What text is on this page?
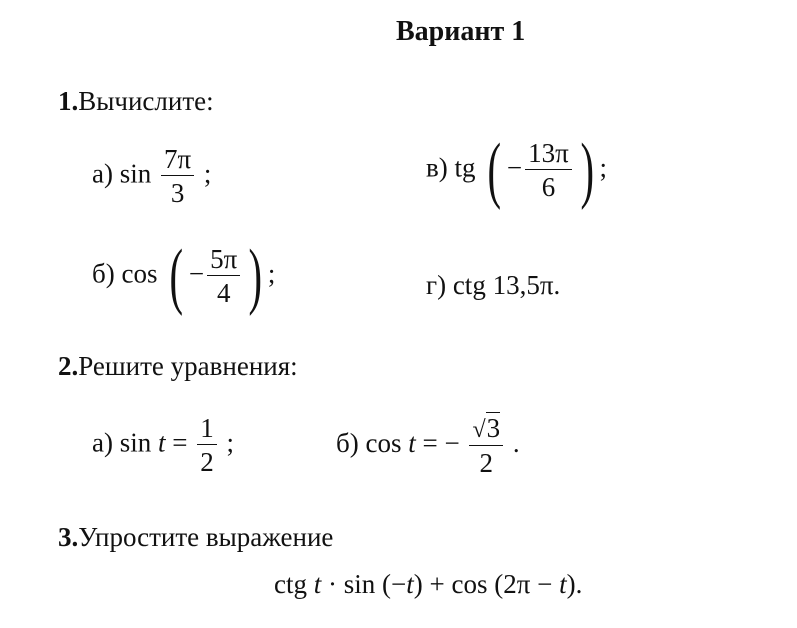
Вариант 1
1.Вычислите:
а) $\sin \frac{7\pi}{3}$ ;	в) tg ( − $\frac{13\pi}{6}$ ) ;
б) cos ( − $\frac{5\pi}{4}$ ) ;	г) ctg 13,5π.
2.Решите уравнения:
а) $\sin t = \frac{1}{2}$ ;	б) cos t = − $\frac{√3}{2}$ .
3.Упростите выражение
ctg t · sin (−t) + cos (2π − t).
